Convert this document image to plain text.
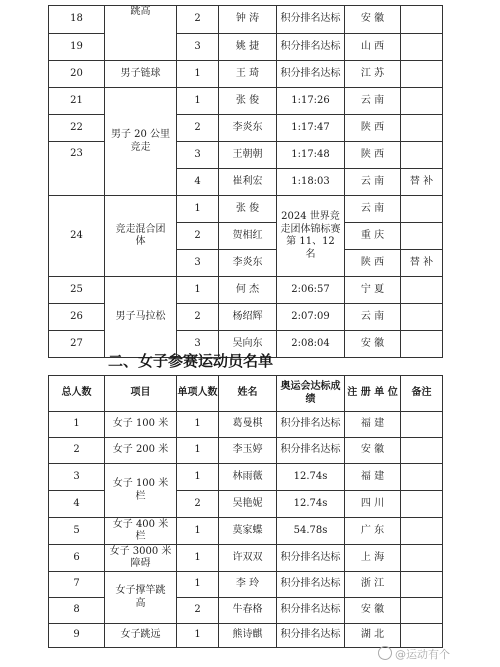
18	跳高	2	钟 涛	积分排名达标	安 徽	
19		3	姚 捷	积分排名达标	山 西	
20	男子链球	1	王 琦	积分排名达标	江 苏	
21	男子 20 公里竞走	1	张 俊	1:17:26	云 南	
22		2	李炎东	1:17:47	陕 西	
23		3	王朝朝	1:17:48	陕 西	
		4	崔利宏	1:18:03	云 南	替 补
24	竞走混合团体	1	张 俊	2024 世界竞走团体锦标赛第 11、12 名	云 南	
		2	贺相红		重 庆	
		3	李炎东		陕 西	替 补
25	男子马拉松	1	何 杰	2:06:57	宁 夏	
26		2	杨绍辉	2:07:09	云 南	
27		3	吴向东	2:08:04	安 徽	
二、女子参赛运动员名单
总人数	项目	单项人数	姓名	奥运会达标成绩	注 册 单 位	备注
1	女子 100 米	1	葛曼棋	积分排名达标	福 建	
2	女子 200 米	1	李玉婷	积分排名达标	安 徽	
3	女子 100 米栏	1	林雨薇	12.74s	福 建	
4		2	吴艳妮	12.74s	四 川	
5	女子 400 米栏	1	莫家蝶	54.78s	广 东	
6	女子 3000 米障碍	1	许双双	积分排名达标	上 海	
7	女子撑竿跳高	1	李 玲	积分排名达标	浙 江	
8		2	牛春格	积分排名达标	安 徽	
9	女子跳远	1	熊诗麒	积分排名达标	湖 北	
@运动有个
